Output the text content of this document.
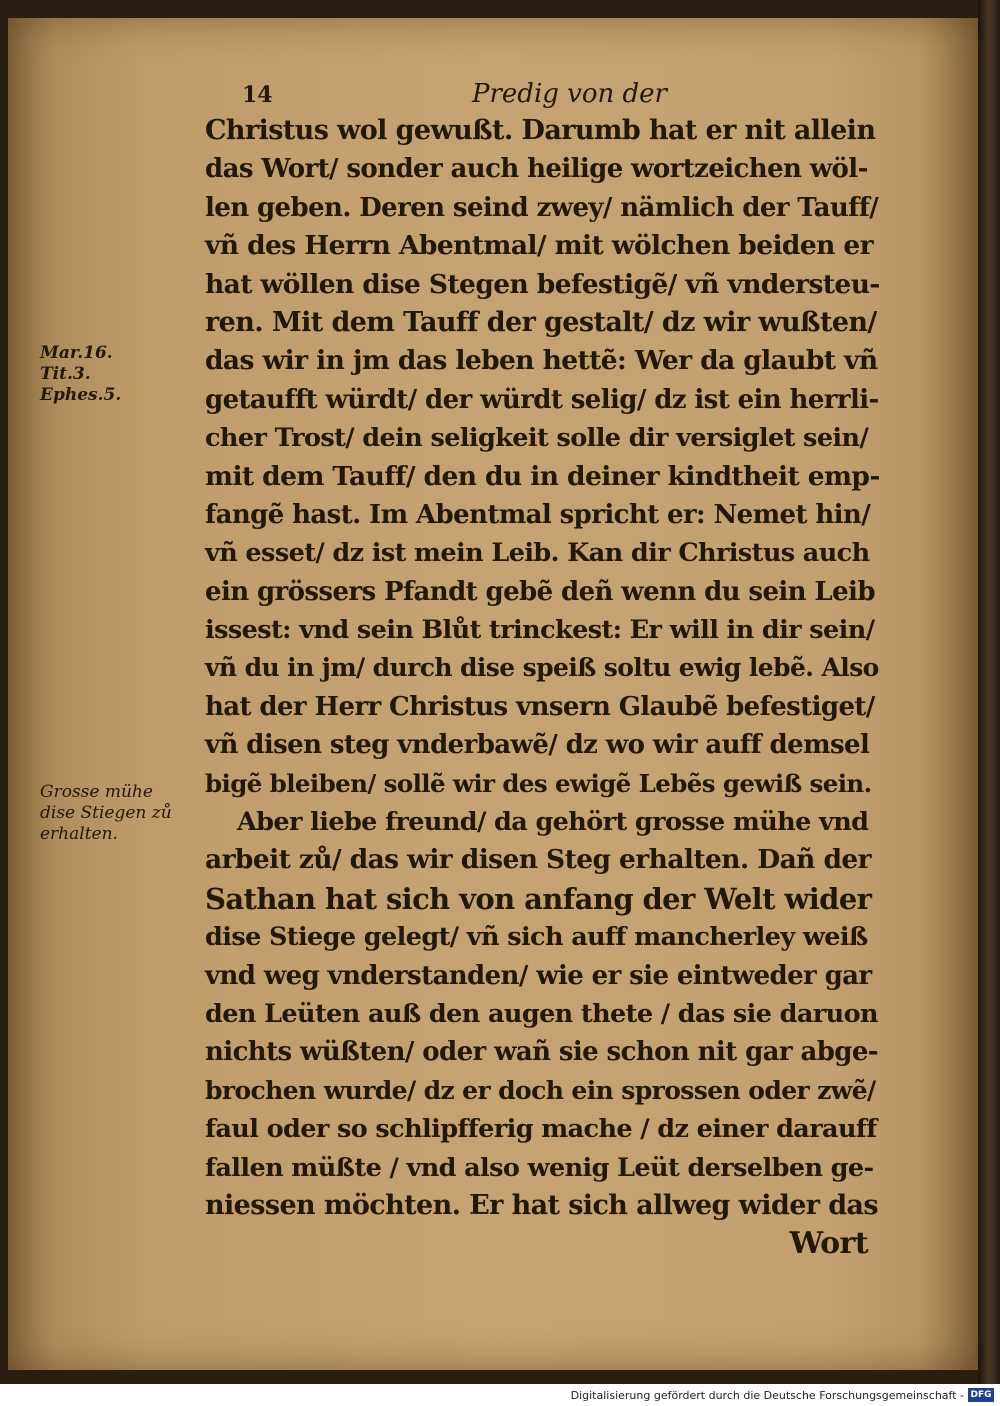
14	Predig von der
Mar.16.
Tit.3.
Ephes.5.
Grosse mühe
dise Stiegen zů
erhalten.
Christus wol gewußt. Darumb hat er nit allein
das Wort/ sonder auch heilige wortzeichen wöl-
len geben. Deren seind zwey/ nämlich der Tauff/
vñ des Herrn Abentmal/ mit wölchen beiden er
hat wöllen dise Stegen befestigẽ/ vñ vndersteu-
ren. Mit dem Tauff der gestalt/ dz wir wußten/
das wir in jm das leben hettẽ: Wer da glaubt vñ
getaufft würdt/ der würdt selig/ dz ist ein herrli-
cher Trost/ dein seligkeit solle dir versiglet sein/
mit dem Tauff/ den du in deiner kindtheit emp-
fangẽ hast. Im Abentmal spricht er: Nemet hin/
vñ esset/ dz ist mein Leib. Kan dir Christus auch
ein grössers Pfandt gebẽ deñ wenn du sein Leib
issest: vnd sein Blůt trinckest: Er will in dir sein/
vñ du in jm/ durch dise speiß soltu ewig lebẽ. Also
hat der Herr Christus vnsern Glaubẽ befestiget/
vñ disen steg vnderbawẽ/ dz wo wir auff demsel
bigẽ bleiben/ sollẽ wir des ewigẽ Lebẽs gewiß sein.
Aber liebe freund/ da gehört grosse mühe vnd
arbeit zů/ das wir disen Steg erhalten. Dañ der
Sathan hat sich von anfang der Welt wider
dise Stiege gelegt/ vñ sich auff mancherley weiß
vnd weg vnderstanden/ wie er sie eintweder gar
den Leüten auß den augen thete / das sie daruon
nichts wüßten/ oder wañ sie schon nit gar abge-
brochen wurde/ dz er doch ein sprossen oder zwẽ/
faul oder so schlipfferig mache / dz einer darauff
fallen müßte / vnd also wenig Leüt derselben ge-
niessen möchten. Er hat sich allweg wider das
Wort
Digitalisierung gefördert durch die Deutsche Forschungsgemeinschaft - DFG
